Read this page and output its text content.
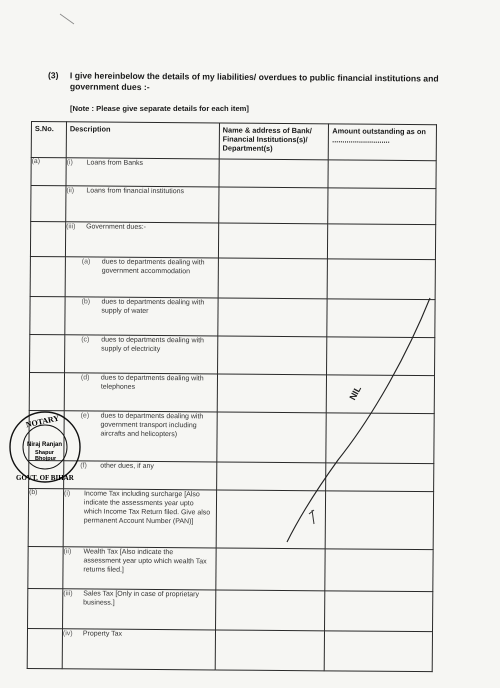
(3) I give hereinbelow the details of my liabilities/ overdues to public financial institutions and government dues :-
[Note : Please give separate details for each item]
S.No.	Description	Name & address of Bank/ Financial Institutions(s)/ Department(s)	Amount outstanding as on ............................
(a)	(i) Loans from Banks		
	(ii) Loans from financial institutions		
	(iii) Government dues:-		
	(a) dues to departments dealing with government accommodation		
	(b) dues to departments dealing with supply of water		
	(c) dues to departments dealing with supply of electricity		
	(d) dues to departments dealing with telephones		
	(e) dues to departments dealing with government transport including aircrafts and helicopters)		
	(f) other dues, if any		
(b)	(i) Income Tax including surcharge [Also indicate the assessments year upto which Income Tax Return filed. Give also permanent Account Number (PAN)]		
	(ii) Wealth Tax [Also indicate the assessment year upto which wealth Tax returns filed.]		
	(iii) Sales Tax [Only in case of proprietary business.]		
	(iv) Property Tax		
NIL
NOTARY
Niraj Ranjan
Shapur
Bhojpur
GOVT. OF BIHAR
